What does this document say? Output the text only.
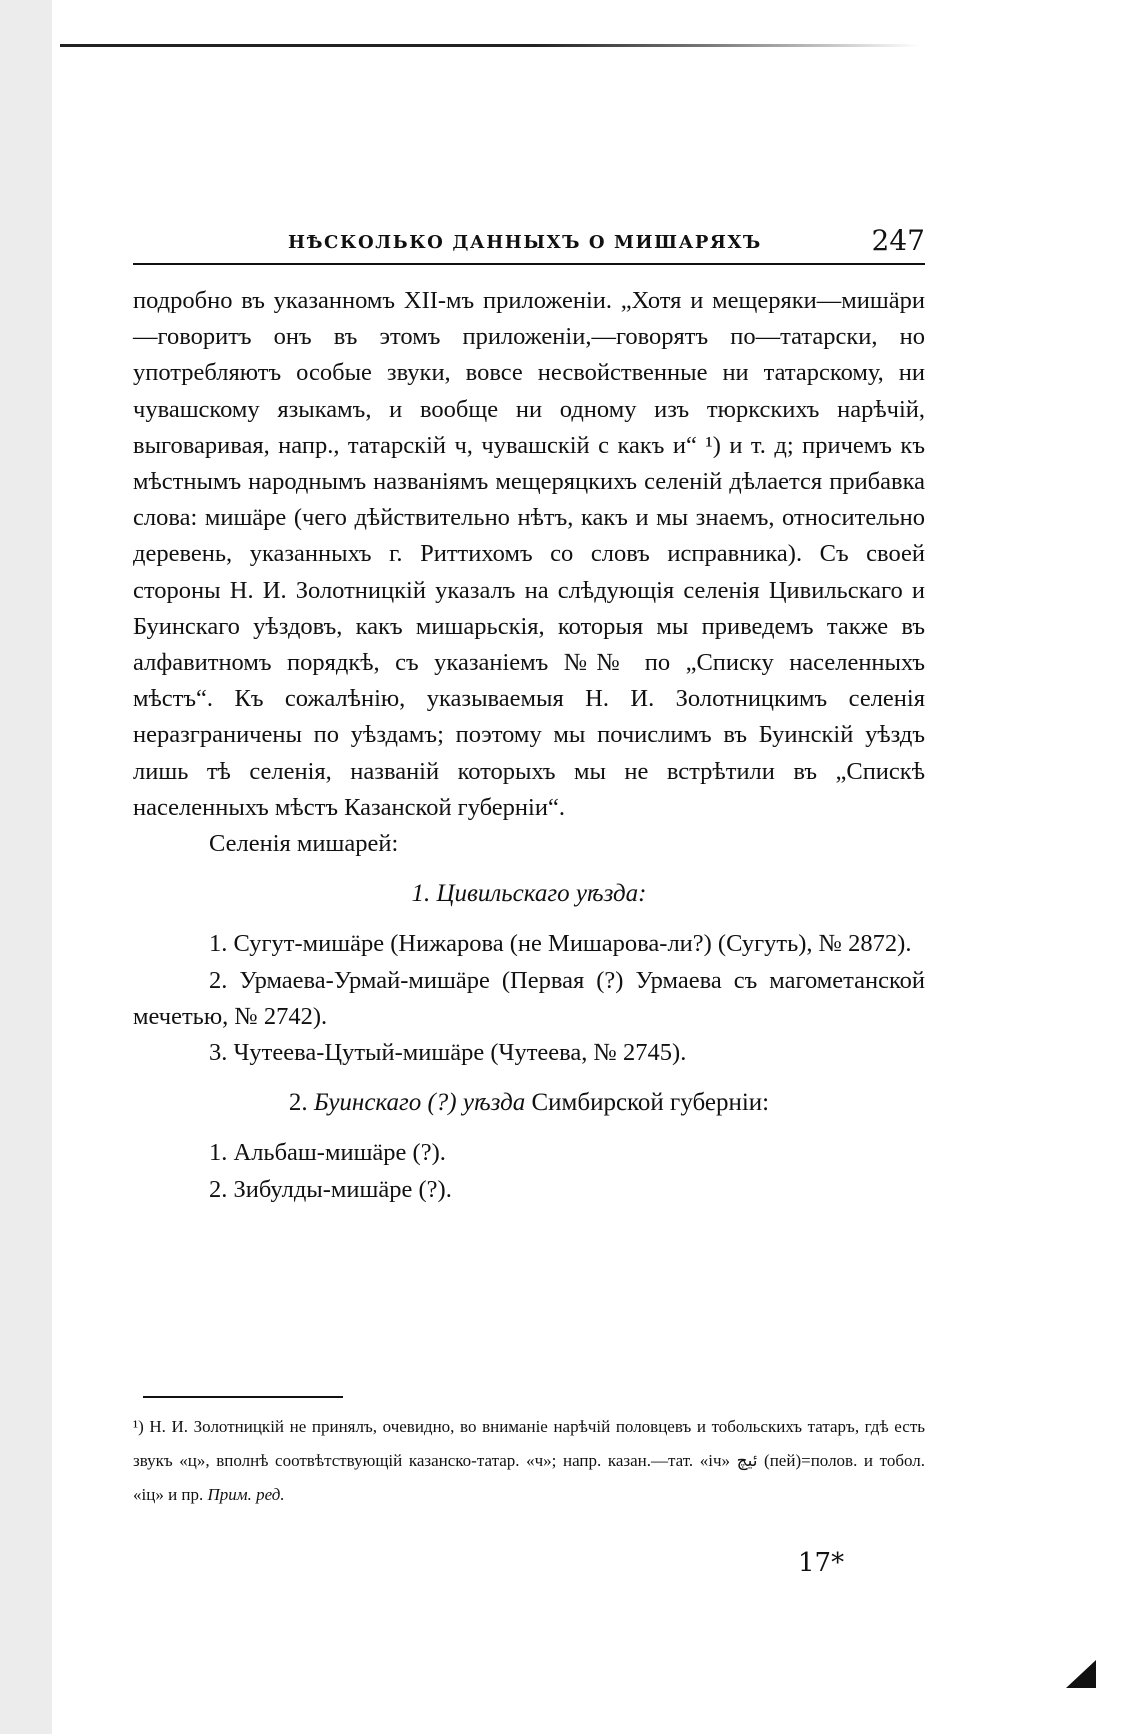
НѢСКОЛЬКО ДАННЫХЪ О МИШАРЯХЪ	247

подробно въ указанномъ XII-мъ приложеніи. „Хотя и мещеряки—мишäри—говоритъ онъ въ этомъ приложеніи,—говорятъ по—татарски, но употребляютъ особые звуки, вовсе несвойственные ни татарскому, ни чувашскому языкамъ, и вообще ни одному изъ тюркскихъ нарѣчій, выговаривая, напр., татарскій ч, чувашскій с какъ и“ ¹) и т. д; причемъ къ мѣстнымъ народнымъ названіямъ мещеряцкихъ селеній дѣлается прибавка слова: мишäре (чего дѣйствительно нѣтъ, какъ и мы знаемъ, относительно деревень, указанныхъ г. Риттихомъ со словъ исправника). Съ своей стороны Н. И. Золотницкій указалъ на слѣдующія селенія Цивильскаго и Буинскаго уѣздовъ, какъ мишарьскія, которыя мы приведемъ также въ алфавитномъ порядкѣ, съ указаніемъ №№ по „Списку населенныхъ мѣстъ“. Къ сожалѣнію, указываемыя Н. И. Золотницкимъ селенія неразграничены по уѣздамъ; поэтому мы почислимъ въ Буинскій уѣздъ лишь тѣ селенія, названій которыхъ мы не встрѣтили въ „Спискѣ населенныхъ мѣстъ Казанской губерніи“.

Селенія мишарей:

1. Цивильскаго уѣзда:

1. Сугут-мишäре (Нижарова (не Мишарова-ли?) (Сугуть), № 2872).

2. Урмаева-Урмай-мишäре (Первая (?) Урмаева съ магометанской мечетью, № 2742).

3. Чутеева-Цутый-мишäре (Чутеева, № 2745).

2. Буинскаго (?) уѣзда Симбирской губерніи:

1. Альбаш-мишäре (?).

2. Зибулды-мишäре (?).

¹) Н. И. Золотницкій не принялъ, очевидно, во вниманіе нарѣчій половцевъ и тобольскихъ татаръ, гдѣ есть звукъ «ц», вполнѣ соотвѣтствующій казанско-татар. «ч»; напр. казан.—тат. «іч» ﺋﯿﭻ (пей)=полов. и тобол. «іц» и пр. Прим. ред.
17*
